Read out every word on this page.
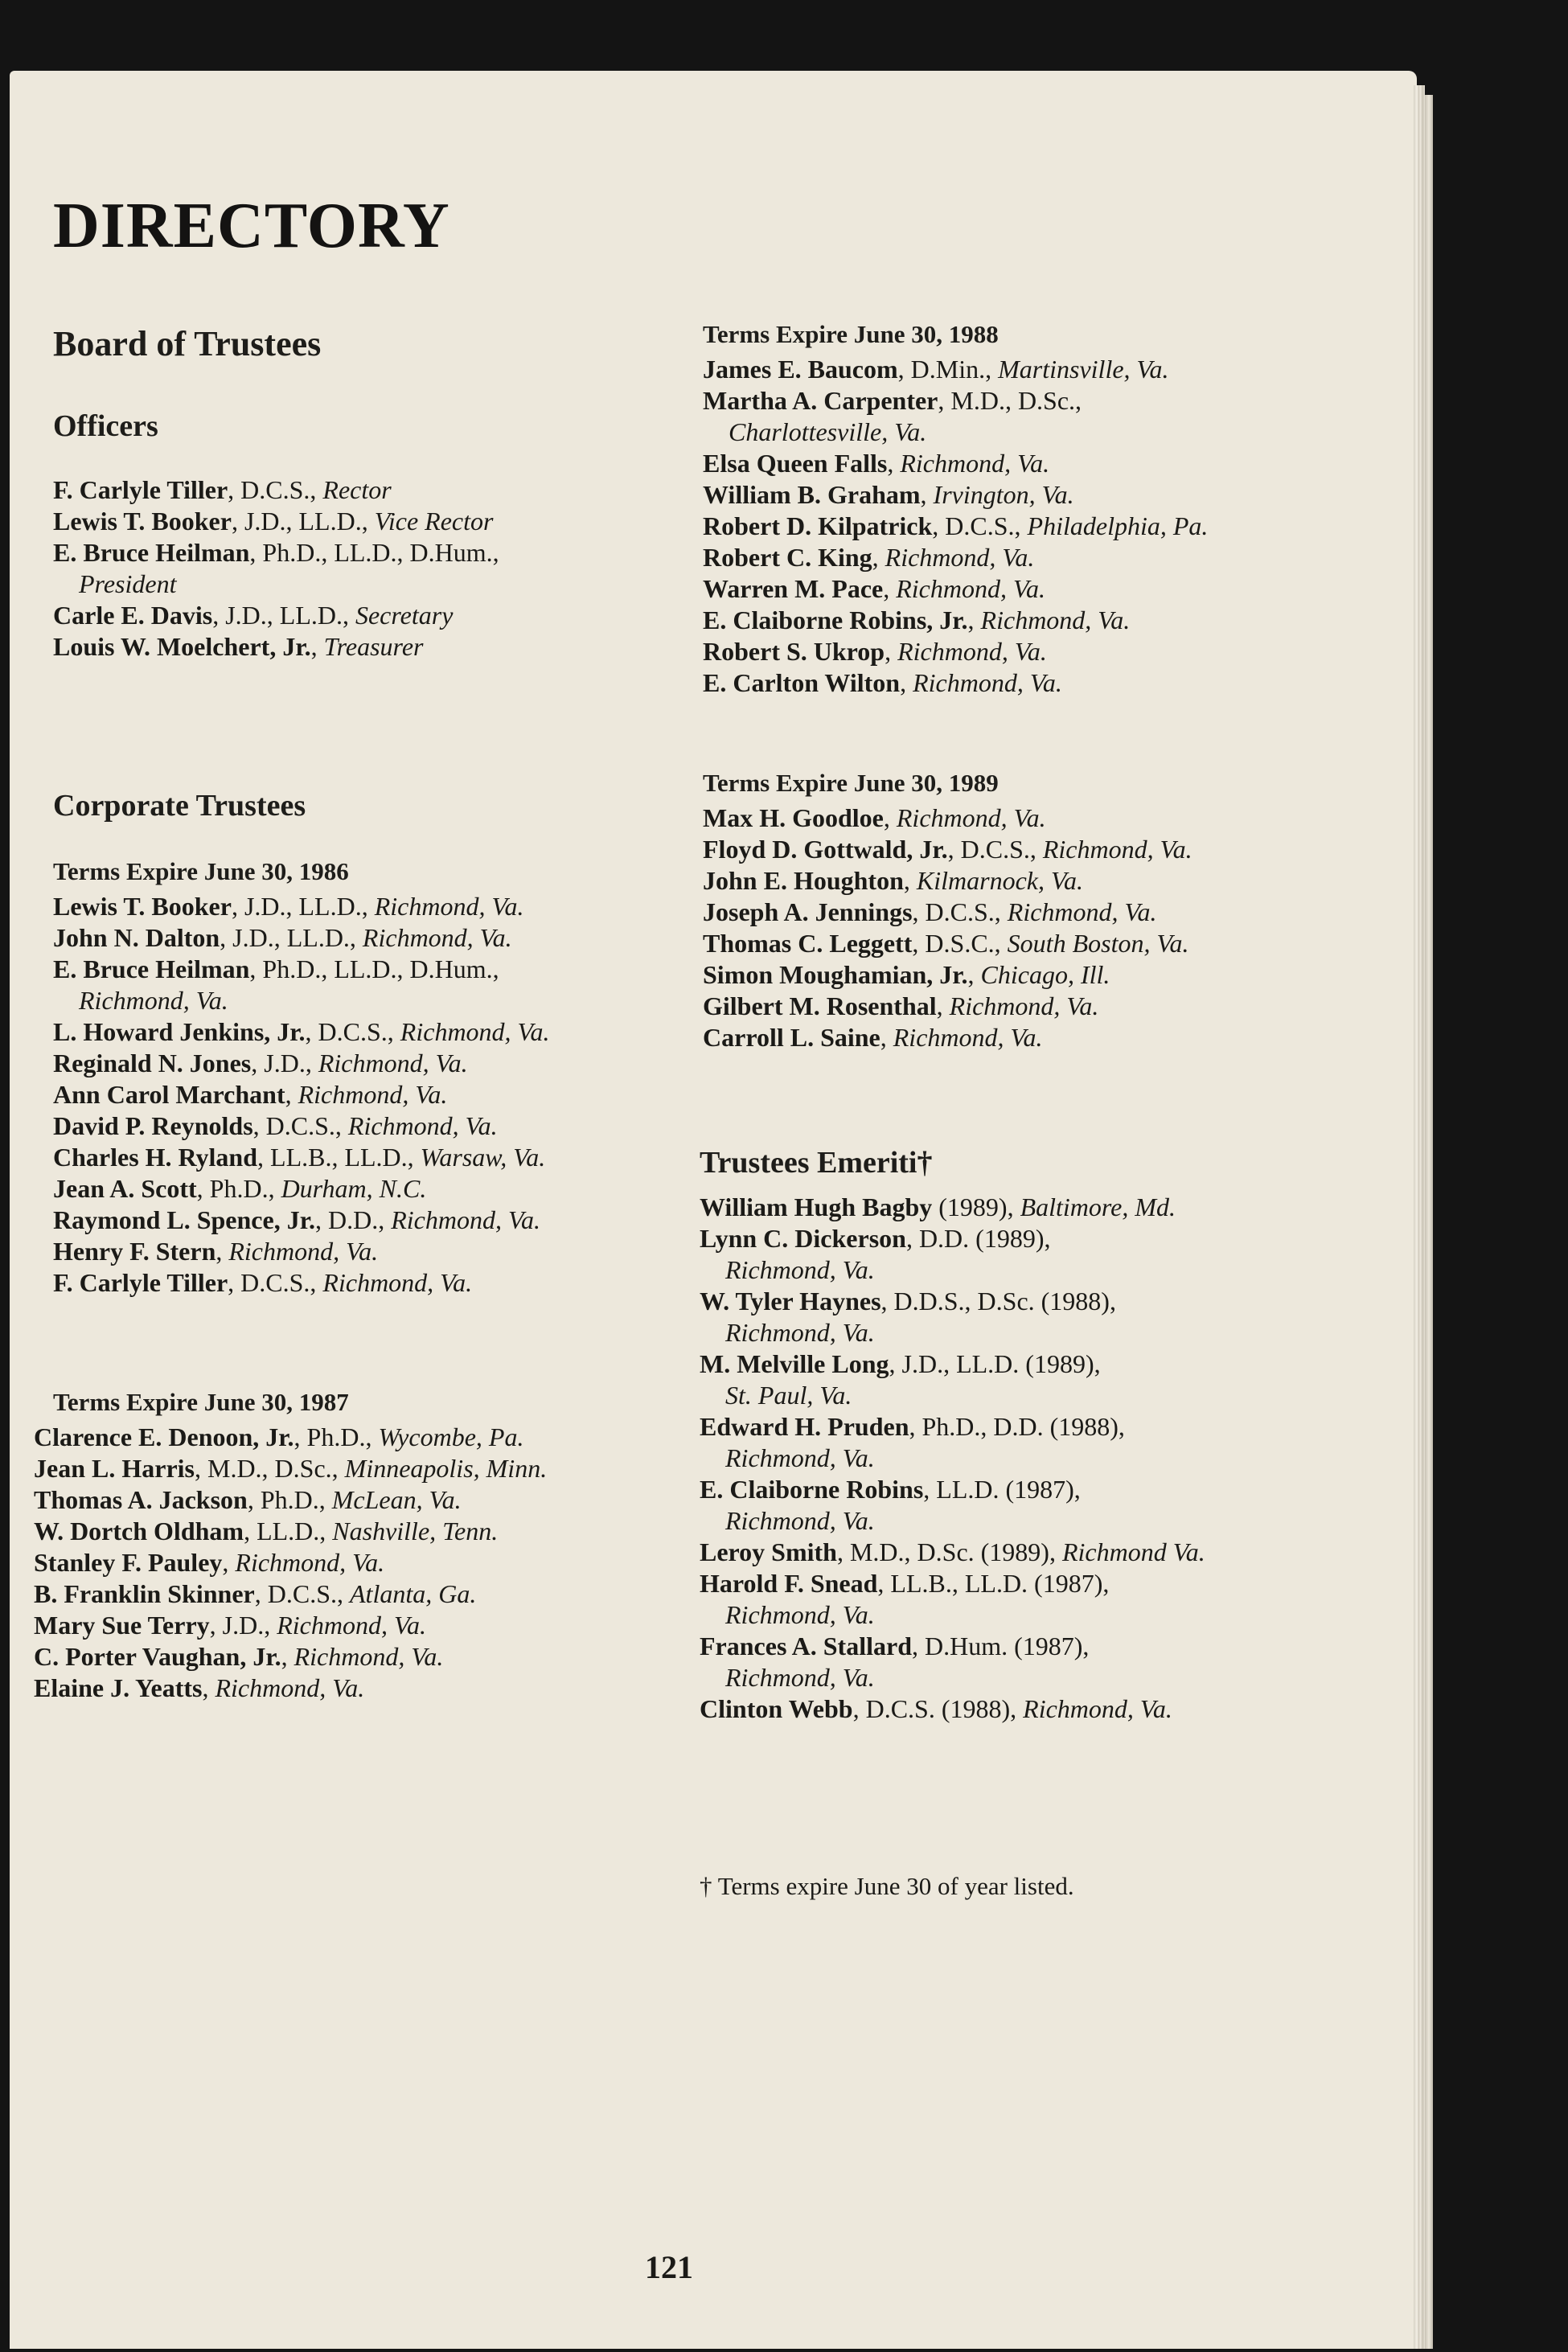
DIRECTORY
Board of Trustees
Officers
F. Carlyle Tiller, D.C.S., Rector
Lewis T. Booker, J.D., LL.D., Vice Rector
E. Bruce Heilman, Ph.D., LL.D., D.Hum.,
President
Carle E. Davis, J.D., LL.D., Secretary
Louis W. Moelchert, Jr., Treasurer
Corporate Trustees
Terms Expire June 30, 1986
Lewis T. Booker, J.D., LL.D., Richmond, Va.
John N. Dalton, J.D., LL.D., Richmond, Va.
E. Bruce Heilman, Ph.D., LL.D., D.Hum.,
Richmond, Va.
L. Howard Jenkins, Jr., D.C.S., Richmond, Va.
Reginald N. Jones, J.D., Richmond, Va.
Ann Carol Marchant, Richmond, Va.
David P. Reynolds, D.C.S., Richmond, Va.
Charles H. Ryland, LL.B., LL.D., Warsaw, Va.
Jean A. Scott, Ph.D., Durham, N.C.
Raymond L. Spence, Jr., D.D., Richmond, Va.
Henry F. Stern, Richmond, Va.
F. Carlyle Tiller, D.C.S., Richmond, Va.
Terms Expire June 30, 1987
Clarence E. Denoon, Jr., Ph.D., Wycombe, Pa.
Jean L. Harris, M.D., D.Sc., Minneapolis, Minn.
Thomas A. Jackson, Ph.D., McLean, Va.
W. Dortch Oldham, LL.D., Nashville, Tenn.
Stanley F. Pauley, Richmond, Va.
B. Franklin Skinner, D.C.S., Atlanta, Ga.
Mary Sue Terry, J.D., Richmond, Va.
C. Porter Vaughan, Jr., Richmond, Va.
Elaine J. Yeatts, Richmond, Va.
Terms Expire June 30, 1988
James E. Baucom, D.Min., Martinsville, Va.
Martha A. Carpenter, M.D., D.Sc.,
Charlottesville, Va.
Elsa Queen Falls, Richmond, Va.
William B. Graham, Irvington, Va.
Robert D. Kilpatrick, D.C.S., Philadelphia, Pa.
Robert C. King, Richmond, Va.
Warren M. Pace, Richmond, Va.
E. Claiborne Robins, Jr., Richmond, Va.
Robert S. Ukrop, Richmond, Va.
E. Carlton Wilton, Richmond, Va.
Terms Expire June 30, 1989
Max H. Goodloe, Richmond, Va.
Floyd D. Gottwald, Jr., D.C.S., Richmond, Va.
John E. Houghton, Kilmarnock, Va.
Joseph A. Jennings, D.C.S., Richmond, Va.
Thomas C. Leggett, D.S.C., South Boston, Va.
Simon Moughamian, Jr., Chicago, Ill.
Gilbert M. Rosenthal, Richmond, Va.
Carroll L. Saine, Richmond, Va.
Trustees Emeriti†
William Hugh Bagby (1989), Baltimore, Md.
Lynn C. Dickerson, D.D. (1989),
Richmond, Va.
W. Tyler Haynes, D.D.S., D.Sc. (1988),
Richmond, Va.
M. Melville Long, J.D., LL.D. (1989),
St. Paul, Va.
Edward H. Pruden, Ph.D., D.D. (1988),
Richmond, Va.
E. Claiborne Robins, LL.D. (1987),
Richmond, Va.
Leroy Smith, M.D., D.Sc. (1989), Richmond Va.
Harold F. Snead, LL.B., LL.D. (1987),
Richmond, Va.
Frances A. Stallard, D.Hum. (1987),
Richmond, Va.
Clinton Webb, D.C.S. (1988), Richmond, Va.

† Terms expire June 30 of year listed.

121
